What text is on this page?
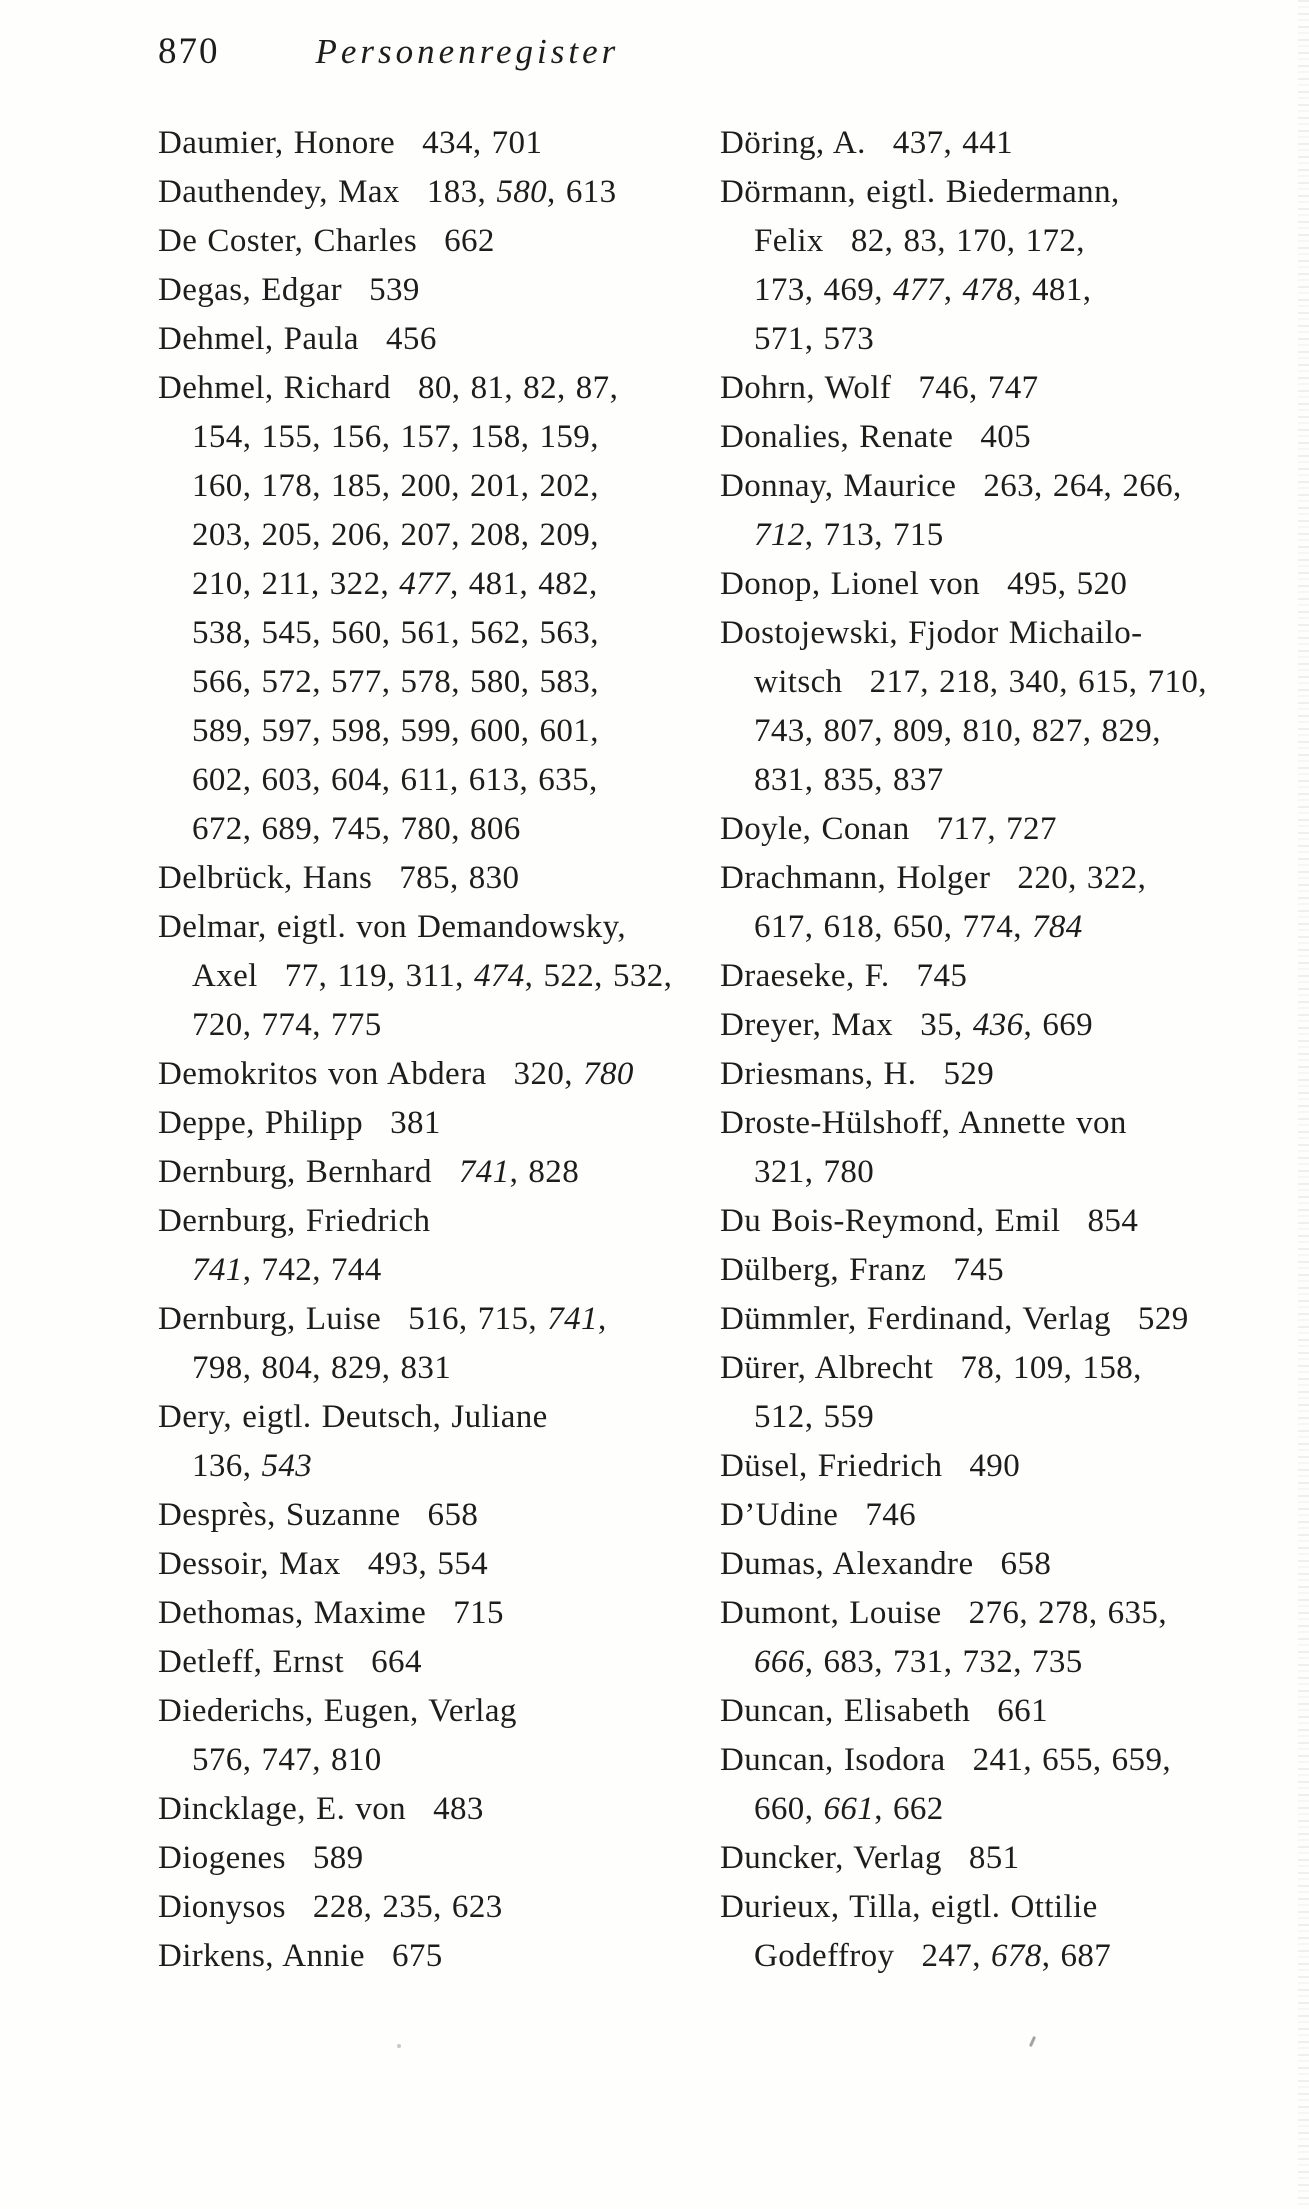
870	Personenregister
Daumier, Honore  434, 701
Dauthendey, Max  183, 580, 613
De Coster, Charles  662
Degas, Edgar  539
Dehmel, Paula  456
Dehmel, Richard  80, 81, 82, 87,
154, 155, 156, 157, 158, 159,
160, 178, 185, 200, 201, 202,
203, 205, 206, 207, 208, 209,
210, 211, 322, 477, 481, 482,
538, 545, 560, 561, 562, 563,
566, 572, 577, 578, 580, 583,
589, 597, 598, 599, 600, 601,
602, 603, 604, 611, 613, 635,
672, 689, 745, 780, 806
Delbrück, Hans  785, 830
Delmar, eigtl. von Demandowsky,
Axel  77, 119, 311, 474, 522, 532,
720, 774, 775
Demokritos von Abdera  320, 780
Deppe, Philipp  381
Dernburg, Bernhard  741, 828
Dernburg, Friedrich
741, 742, 744
Dernburg, Luise  516, 715, 741,
798, 804, 829, 831
Dery, eigtl. Deutsch, Juliane
136, 543
Desprès, Suzanne  658
Dessoir, Max  493, 554
Dethomas, Maxime  715
Detleff, Ernst  664
Diederichs, Eugen, Verlag
576, 747, 810
Dincklage, E. von  483
Diogenes  589
Dionysos  228, 235, 623
Dirkens, Annie  675
Döring, A.  437, 441
Dörmann, eigtl. Biedermann,
Felix  82, 83, 170, 172,
173, 469, 477, 478, 481,
571, 573
Dohrn, Wolf  746, 747
Donalies, Renate  405
Donnay, Maurice  263, 264, 266,
712, 713, 715
Donop, Lionel von  495, 520
Dostojewski, Fjodor Michailo-
witsch  217, 218, 340, 615, 710,
743, 807, 809, 810, 827, 829,
831, 835, 837
Doyle, Conan  717, 727
Drachmann, Holger  220, 322,
617, 618, 650, 774, 784
Draeseke, F.  745
Dreyer, Max  35, 436, 669
Driesmans, H.  529
Droste-Hülshoff, Annette von
321, 780
Du Bois-Reymond, Emil  854
Dülberg, Franz  745
Dümmler, Ferdinand, Verlag  529
Dürer, Albrecht  78, 109, 158,
512, 559
Düsel, Friedrich  490
D’Udine  746
Dumas, Alexandre  658
Dumont, Louise  276, 278, 635,
666, 683, 731, 732, 735
Duncan, Elisabeth  661
Duncan, Isodora  241, 655, 659,
660, 661, 662
Duncker, Verlag  851
Durieux, Tilla, eigtl. Ottilie
Godeffroy  247, 678, 687
